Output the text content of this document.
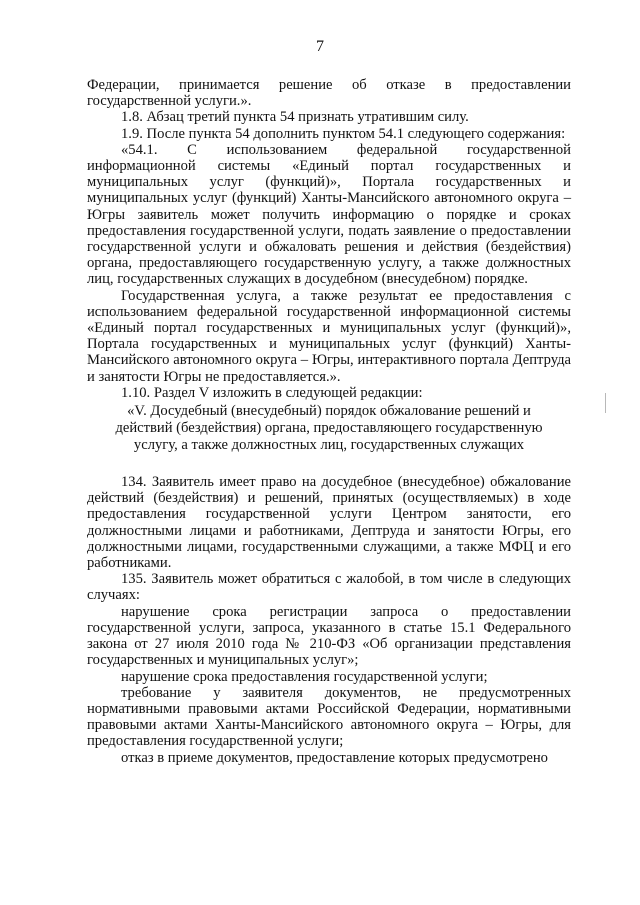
7

Федерации, принимается решение об отказе в предоставлении государственной услуги.».

1.8. Абзац третий пункта 54 признать утратившим силу.

1.9. После пункта 54 дополнить пунктом 54.1 следующего содержания:

«54.1. С использованием федеральной государственной информационной системы «Единый портал государственных и муниципальных услуг (функций)», Портала государственных и муниципальных услуг (функций) Ханты-Мансийского автономного округа – Югры заявитель может получить информацию о порядке и сроках предоставления государственной услуги, подать заявление о предоставлении государственной услуги и обжаловать решения и действия (бездействия) органа, предоставляющего государственную услугу, а также должностных лиц, государственных служащих в досудебном (внесудебном) порядке.

Государственная услуга, а также результат ее предоставления с использованием федеральной государственной информационной системы «Единый портал государственных и муниципальных услуг (функций)», Портала государственных и муниципальных услуг (функций) Ханты-Мансийского автономного округа – Югры, интерактивного портала Дептруда и занятости Югры не предоставляется.».

1.10. Раздел V изложить в следующей редакции:

«V. Досудебный (внесудебный) порядок обжалование решений и действий (бездействия) органа, предоставляющего государственную услугу, а также должностных лиц, государственных служащих

134. Заявитель имеет право на досудебное (внесудебное) обжалование действий (бездействия) и решений, принятых (осуществляемых) в ходе предоставления государственной услуги Центром занятости, его должностными лицами и работниками, Дептруда и занятости Югры, его должностными лицами, государственными служащими, а также МФЦ и его работниками.

135. Заявитель может обратиться с жалобой, в том числе в следующих случаях:

нарушение срока регистрации запроса о предоставлении государственной услуги, запроса, указанного в статье 15.1 Федерального закона от 27 июля 2010 года № 210-ФЗ «Об организации представления государственных и муниципальных услуг»;

нарушение срока предоставления государственной услуги;

требование у заявителя документов, не предусмотренных нормативными правовыми актами Российской Федерации, нормативными правовыми актами Ханты-Мансийского автономного округа – Югры, для предоставления государственной услуги;

отказ в приеме документов, предоставление которых предусмотрено
